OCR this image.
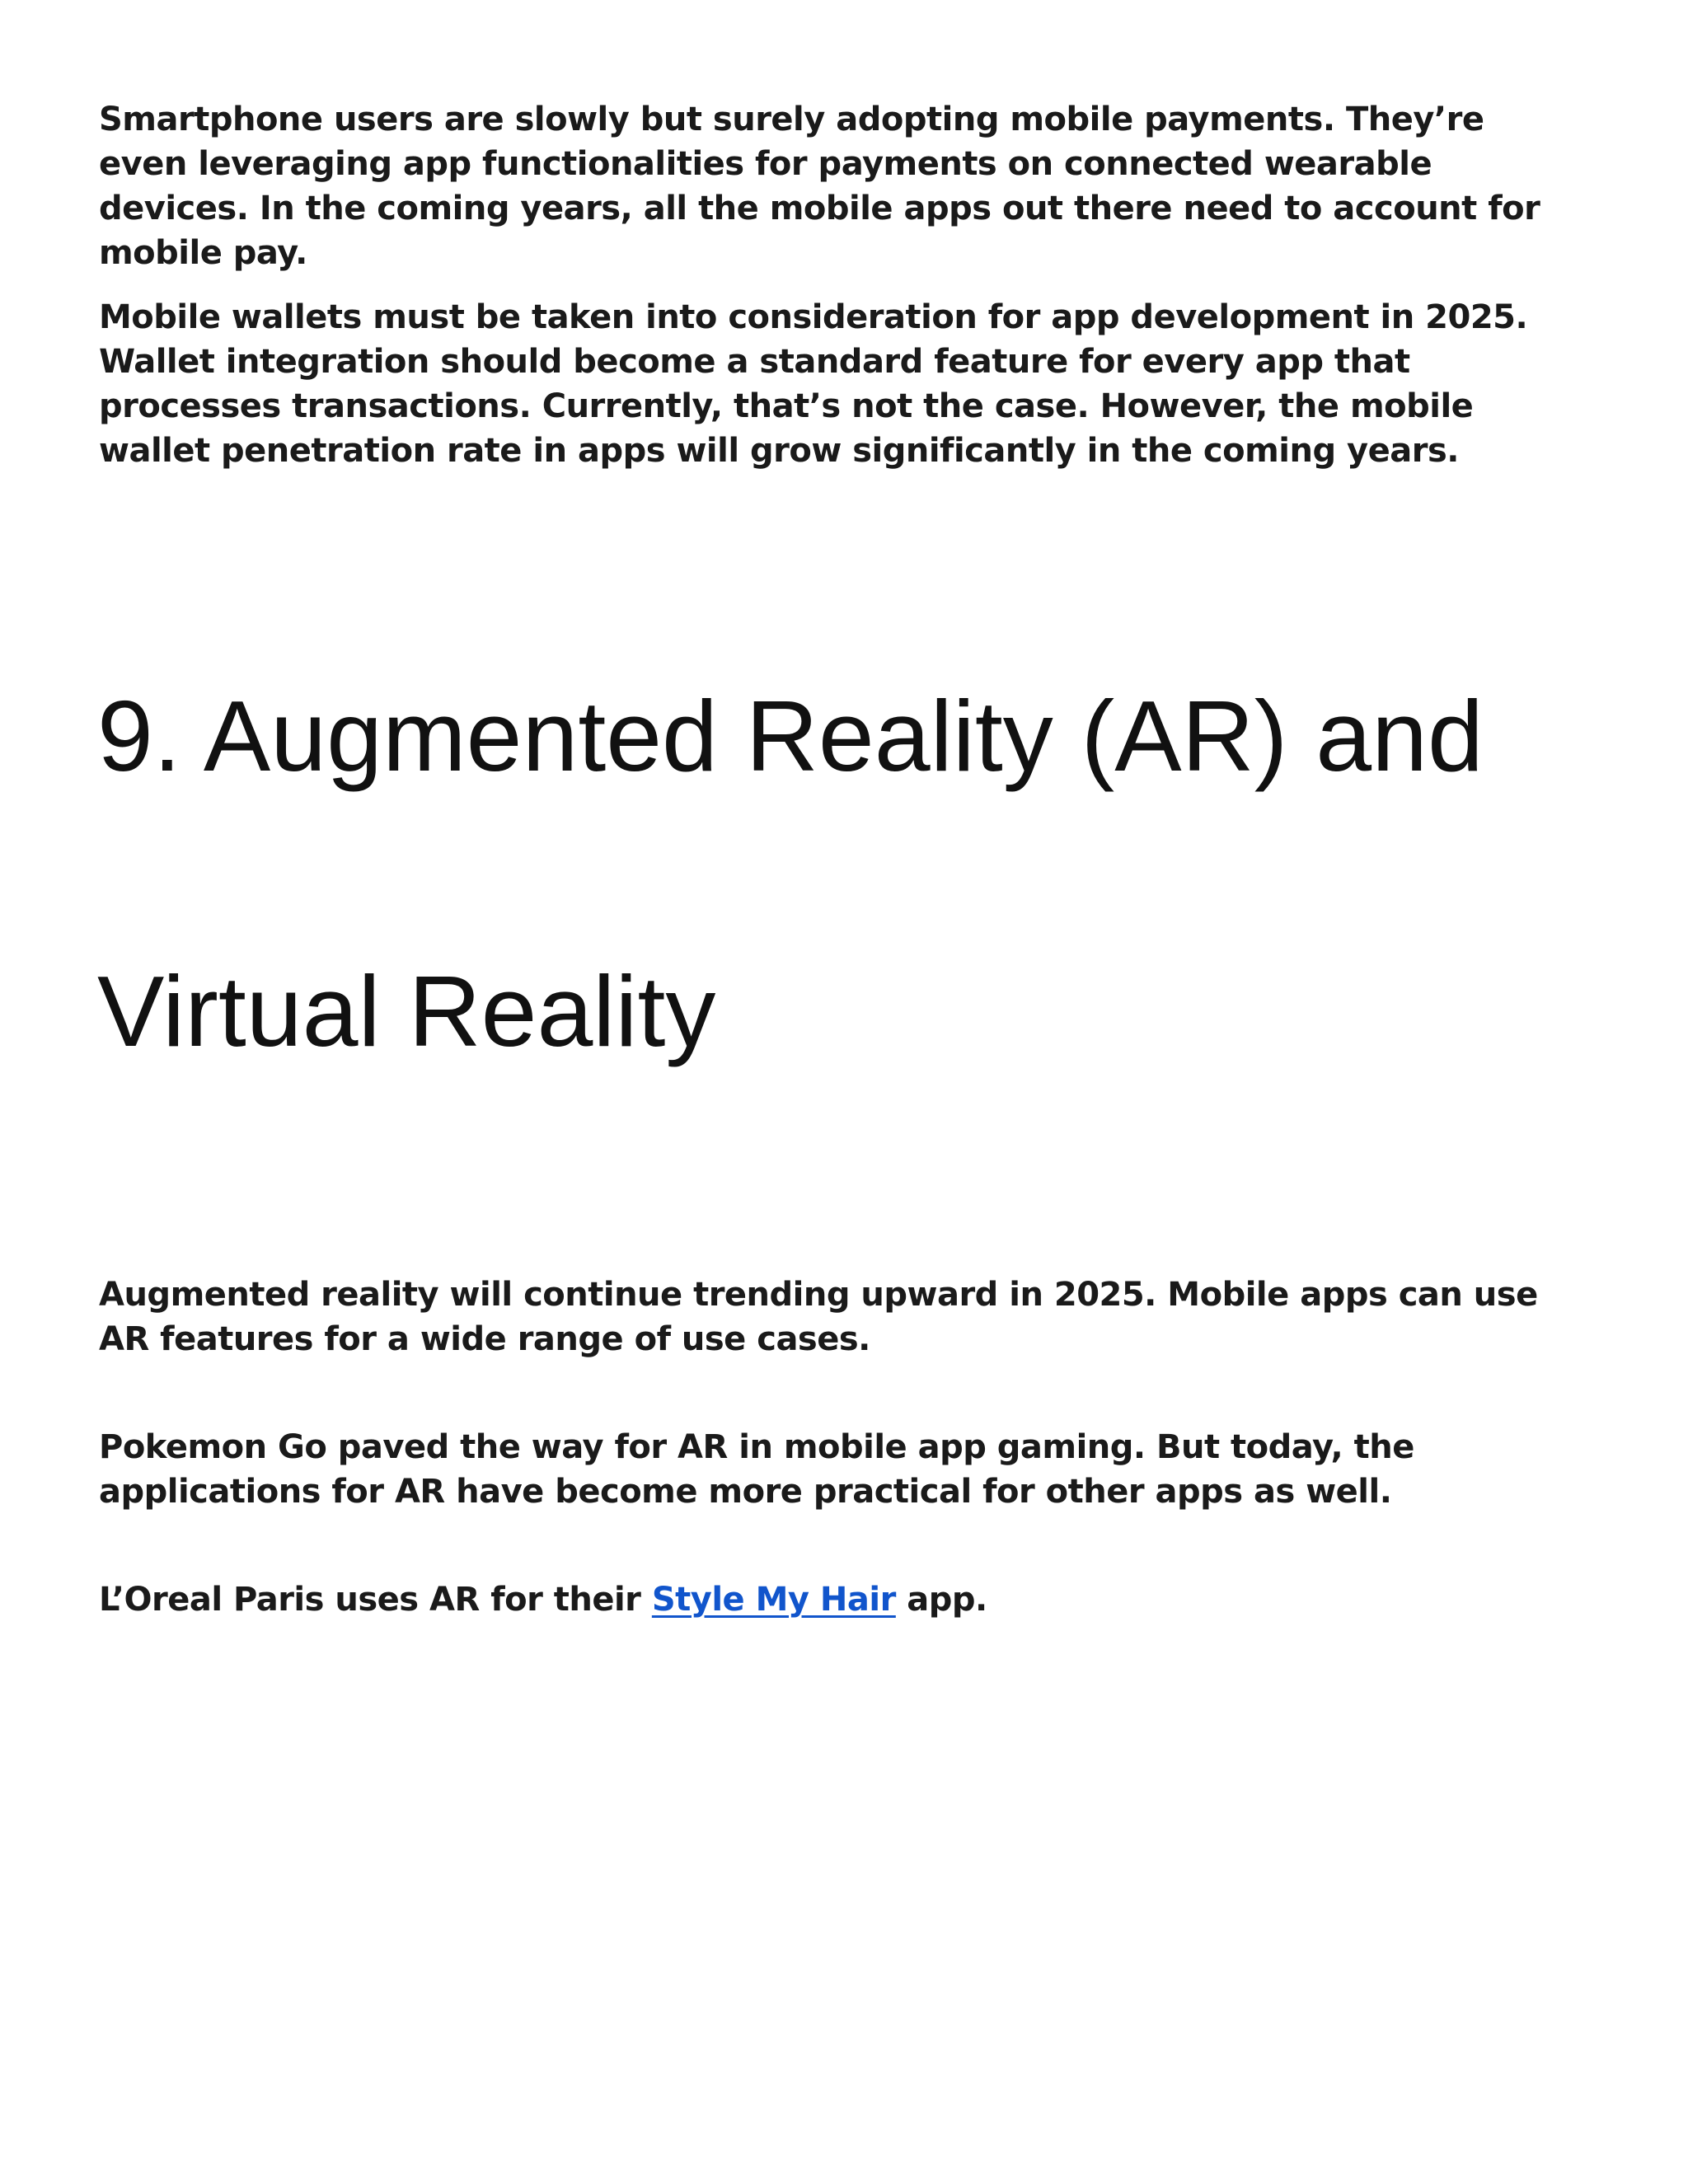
Smartphone users are slowly but surely adopting mobile payments. They’re even leveraging app functionalities for payments on connected wearable devices. In the coming years, all the mobile apps out there need to account for mobile pay.

Mobile wallets must be taken into consideration for app development in 2025. Wallet integration should become a standard feature for every app that processes transactions. Currently, that’s not the case. However, the mobile wallet penetration rate in apps will grow significantly in the coming years.

9. Augmented Reality (AR) and
Virtual Reality

Augmented reality will continue trending upward in 2025. Mobile apps can use AR features for a wide range of use cases.

Pokemon Go paved the way for AR in mobile app gaming. But today, the applications for AR have become more practical for other apps as well.

L’Oreal Paris uses AR for their Style My Hair app.
